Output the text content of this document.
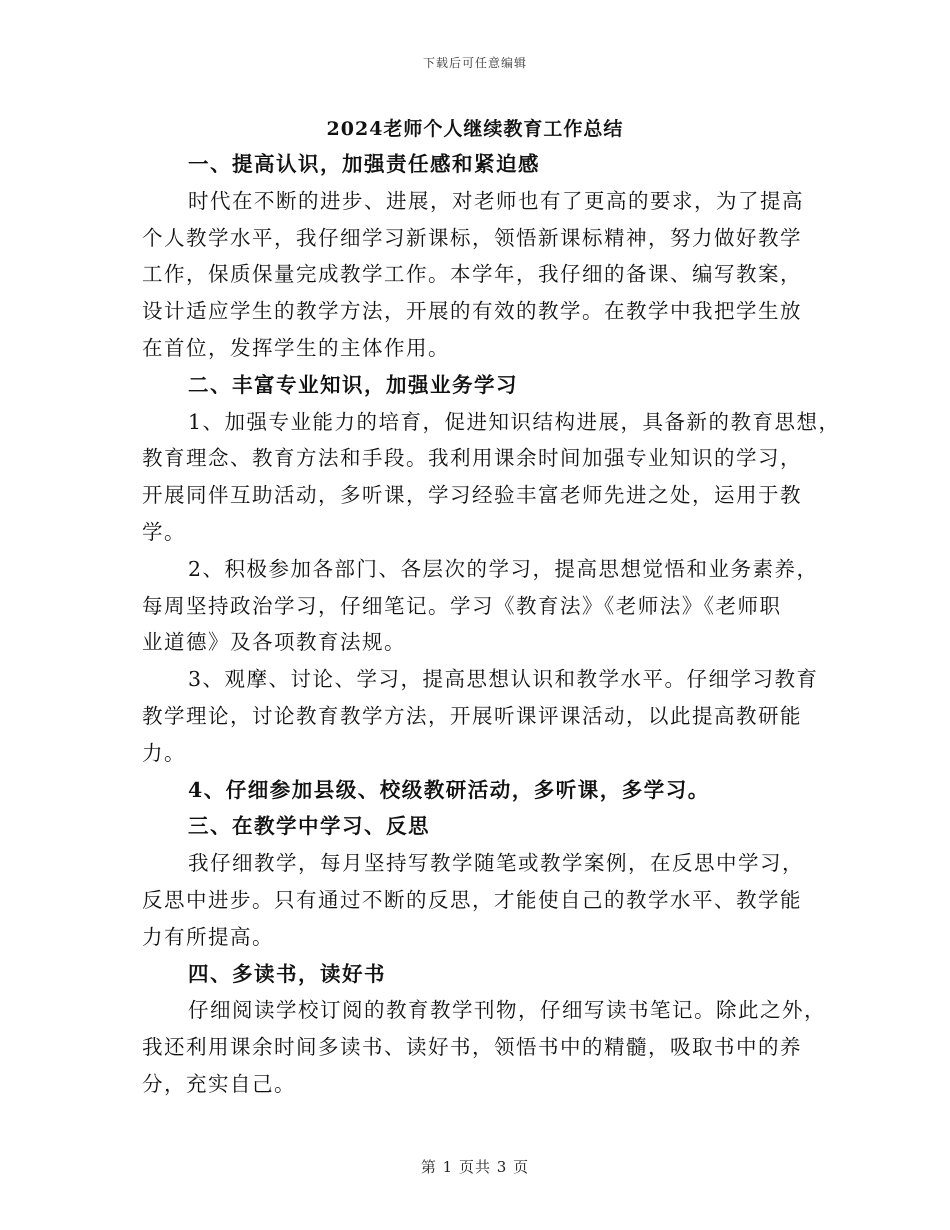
下载后可任意编辑
2024老师个人继续教育工作总结
一、提高认识，加强责任感和紧迫感
时代在不断的进步、进展，对老师也有了更高的要求，为了提高
个人教学水平，我仔细学习新课标，领悟新课标精神，努力做好教学
工作，保质保量完成教学工作。本学年，我仔细的备课、编写教案，
设计适应学生的教学方法，开展的有效的教学。在教学中我把学生放
在首位，发挥学生的主体作用。
二、丰富专业知识，加强业务学习
1、加强专业能力的培育，促进知识结构进展，具备新的教育思想，
教育理念、教育方法和手段。我利用课余时间加强专业知识的学习，
开展同伴互助活动，多听课，学习经验丰富老师先进之处，运用于教
学。
2、积极参加各部门、各层次的学习，提高思想觉悟和业务素养，
每周坚持政治学习，仔细笔记。学习《教育法》《老师法》《老师职
业道德》及各项教育法规。
3、观摩、讨论、学习，提高思想认识和教学水平。仔细学习教育
教学理论，讨论教育教学方法，开展听课评课活动，以此提高教研能
力。
4、仔细参加县级、校级教研活动，多听课，多学习。
三、在教学中学习、反思
我仔细教学，每月坚持写教学随笔或教学案例，在反思中学习，
反思中进步。只有通过不断的反思，才能使自己的教学水平、教学能
力有所提高。
四、多读书，读好书
仔细阅读学校订阅的教育教学刊物，仔细写读书笔记。除此之外，
我还利用课余时间多读书、读好书，领悟书中的精髓，吸取书中的养
分，充实自己。
第 1 页共 3 页
